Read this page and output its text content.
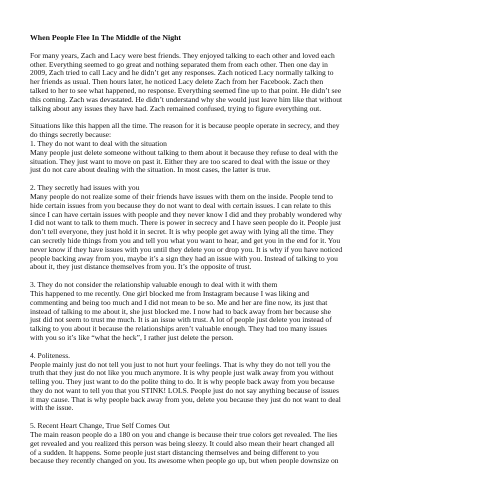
When People Flee In The Middle of the Night
For many years, Zach and Lacy were best friends. They enjoyed talking to each other and loved each
other. Everything seemed to go great and nothing separated them from each other. Then one day in
2009, Zach tried to call Lacy and he didn’t get any responses. Zach noticed Lacy normally talking to
her friends as usual. Then hours later, he noticed Lacy delete Zach from her Facebook. Zach then
talked to her to see what happened, no response. Everything seemed fine up to that point. He didn’t see
this coming. Zach was devastated. He didn’t understand why she would just leave him like that without
talking about any issues they have had. Zach remained confused, trying to figure everything out.
Situations like this happen all the time. The reason for it is because people operate in secrecy, and they
do things secretly because:
1. They do not want to deal with the situation
Many people just delete someone without talking to them about it because they refuse to deal with the
situation. They just want to move on past it. Either they are too scared to deal with the issue or they
just do not care about dealing with the situation. In most cases, the latter is true.
2. They secretly had issues with you
Many people do not realize some of their friends have issues with them on the inside. People tend to
hide certain issues from you because they do not want to deal with certain issues. I can relate to this
since I can have certain issues with people and they never know I did and they probably wondered why
I did not want to talk to them much. There is power in secrecy and I have seen people do it. People just
don’t tell everyone, they just hold it in secret. It is why people get away with lying all the time. They
can secretly hide things from you and tell you what you want to hear, and get you in the end for it. You
never know if they have issues with you until they delete you or drop you. It is why if you have noticed
people backing away from you, maybe it’s a sign they had an issue with you. Instead of talking to you
about it, they just distance themselves from you. It’s the opposite of trust.
3. They do not consider the relationship valuable enough to deal with it with them
This happened to me recently. One girl blocked me from Instagram because I was liking and
commenting and being too much and I did not mean to be so. Me and her are fine now, its just that
instead of talking to me about it, she just blocked me. I now had to back away from her because she
just did not seem to trust me much. It is an issue with trust. A lot of people just delete you instead of
talking to you about it because the relationships aren’t valuable enough. They had too many issues
with you so it’s like “what the heck”, I rather just delete the person.
4. Politeness.
People mainly just do not tell you just to not hurt your feelings. That is why they do not tell you the
truth that they just do not like you much anymore. It is why people just walk away from you without
telling you. They just want to do the polite thing to do. It is why people back away from you because
they do not want to tell you that you STINK! LOLS. People just do not say anything because of issues
it may cause. That is why people back away from you, delete you because they just do not want to deal
with the issue.
5. Recent Heart Change, True Self Comes Out
The main reason people do a 180 on you and change is because their true colors get revealed. The lies
get revealed and you realized this person was being sleezy. It could also mean their heart changed all
of a sudden. It happens. Some people just start distancing themselves and being different to you
because they recently changed on you. Its awesome when people go up, but when people downsize on
